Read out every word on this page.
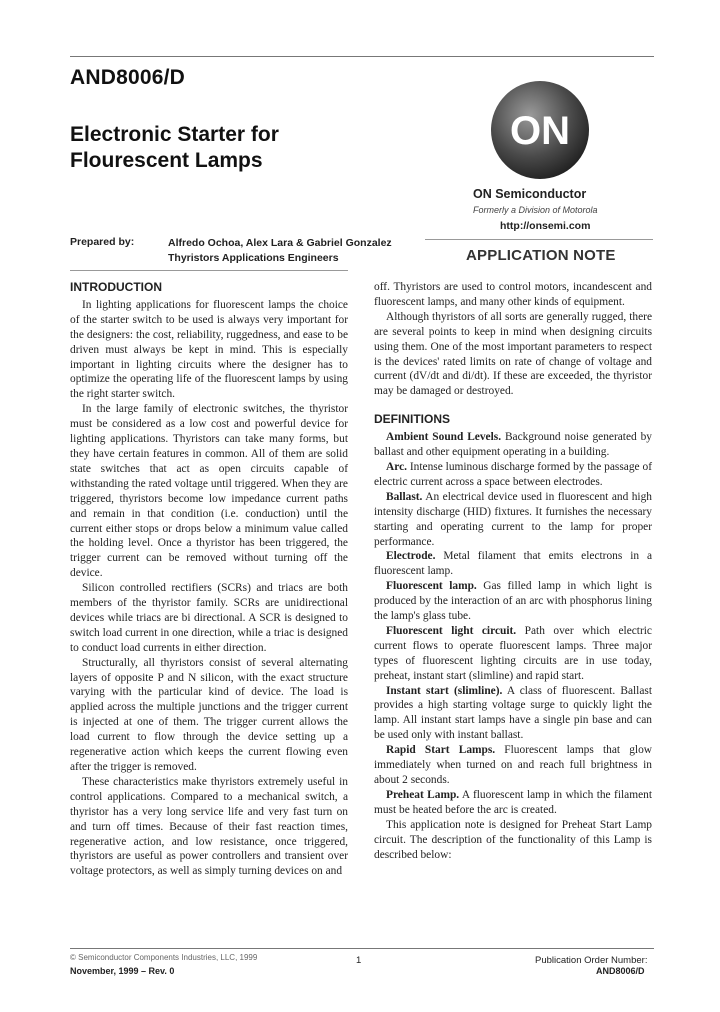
AND8006/D
Electronic Starter for
Flourescent Lamps
ON
ON Semiconductor
Formerly a Division of Motorola
http://onsemi.com
APPLICATION NOTE
Prepared by:	Alfredo Ochoa, Alex Lara & Gabriel Gonzalez
Thyristors Applications Engineers
INTRODUCTION

In lighting applications for fluorescent lamps the choice of the starter switch to be used is always very important for the designers: the cost, reliability, ruggedness, and ease to be driven must always be kept in mind. This is especially important in lighting circuits where the designer has to optimize the operating life of the fluorescent lamps by using the right starter switch.

In the large family of electronic switches, the thyristor must be considered as a low cost and powerful device for lighting applications. Thyristors can take many forms, but they have certain features in common. All of them are solid state switches that act as open circuits capable of withstanding the rated voltage until triggered. When they are triggered, thyristors become low impedance current paths and remain in that condition (i.e. conduction) until the current either stops or drops below a minimum value called the holding level. Once a thyristor has been triggered, the trigger current can be removed without turning off the device.

Silicon controlled rectifiers (SCRs) and triacs are both members of the thyristor family. SCRs are unidirectional devices while triacs are bi directional. A SCR is designed to switch load current in one direction, while a triac is designed to conduct load currents in either direction.

Structurally, all thyristors consist of several alternating layers of opposite P and N silicon, with the exact structure varying with the particular kind of device. The load is applied across the multiple junctions and the trigger current is injected at one of them. The trigger current allows the load current to flow through the device setting up a regenerative action which keeps the current flowing even after the trigger is removed.

These characteristics make thyristors extremely useful in control applications. Compared to a mechanical switch, a thyristor has a very long service life and very fast turn on and turn off times. Because of their fast reaction times, regenerative action, and low resistance, once triggered, thyristors are useful as power controllers and transient over voltage protectors, as well as simply turning devices on and

off. Thyristors are used to control motors, incandescent and fluorescent lamps, and many other kinds of equipment.

Although thyristors of all sorts are generally rugged, there are several points to keep in mind when designing circuits using them. One of the most important parameters to respect is the devices' rated limits on rate of change of voltage and current (dV/dt and di/dt). If these are exceeded, the thyristor may be damaged or destroyed.

DEFINITIONS

Ambient Sound Levels. Background noise generated by ballast and other equipment operating in a building.

Arc. Intense luminous discharge formed by the passage of electric current across a space between electrodes.

Ballast. An electrical device used in fluorescent and high intensity discharge (HID) fixtures. It furnishes the necessary starting and operating current to the lamp for proper performance.

Electrode. Metal filament that emits electrons in a fluorescent lamp.

Fluorescent lamp. Gas filled lamp in which light is produced by the interaction of an arc with phosphorus lining the lamp's glass tube.

Fluorescent light circuit. Path over which electric current flows to operate fluorescent lamps. Three major types of fluorescent lighting circuits are in use today, preheat, instant start (slimline) and rapid start.

Instant start (slimline). A class of fluorescent. Ballast provides a high starting voltage surge to quickly light the lamp. All instant start lamps have a single pin base and can be used only with instant ballast.

Rapid Start Lamps. Fluorescent lamps that glow immediately when turned on and reach full brightness in about 2 seconds.

Preheat Lamp. A fluorescent lamp in which the filament must be heated before the arc is created.

This application note is designed for Preheat Start Lamp circuit. The description of the functionality of this Lamp is described below:

© Semiconductor Components Industries, LLC, 1999
November, 1999 – Rev. 0
1	Publication Order Number:
AND8006/D
